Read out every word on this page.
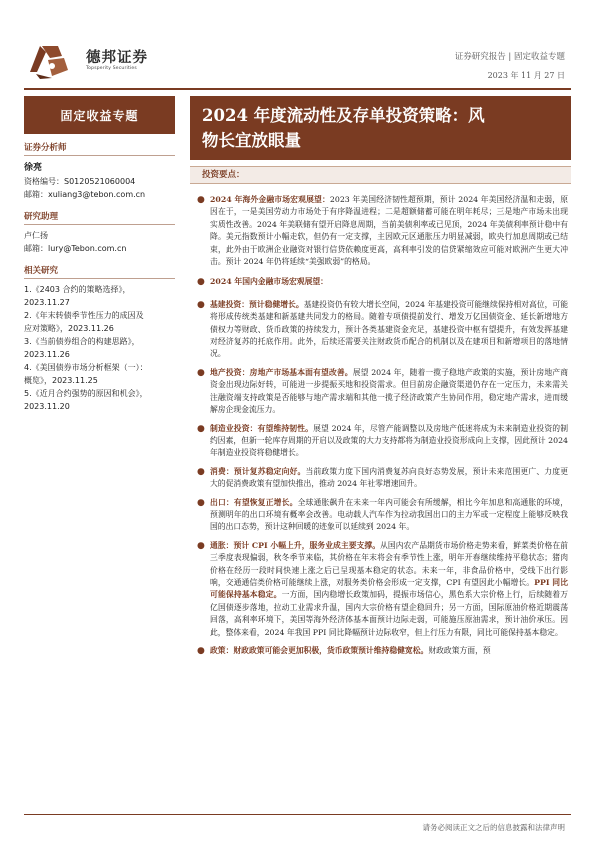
德邦证券
Topsperity Securities
证券研究报告 | 固定收益专题
2023 年 11 月 27 日
固定收益专题
证券分析师
徐亮
资格编号：S0120521060004
邮箱：xuliang3@tebon.com.cn
研究助理
卢仁扬
邮箱：lury@Tebon.com.cn
相关研究
1.《2403 合约的策略选择》，
2023.11.27
2.《年末转债季节性压力的成因及
应对策略》，2023.11.26
3.《当前债券组合的构建思路》，
2023.11.26
4.《美国债券市场分析框架（一）：
概览》，2023.11.25
5.《近月合约强势的原因和机会》，
2023.11.20
2024 年度流动性及存单投资策略：风
物长宜放眼量
投资要点：
● 2024 年海外金融市场宏观展望：2023 年美国经济韧性超预期，预计 2024 年美国经济温和走弱，原因在于，一是美国劳动力市场处于有序降温进程；二是超额储蓄可能在明年耗尽；三是地产市场未出现实质性改善。2024 年美联储有望开启降息周期，当前美债利率或已见顶，2024 年美债利率预计稳中有降。美元指数预计小幅走软，但仍有一定支撑，主因欧元区通胀压力明显减弱，欧央行加息周期或已结束，此外由于欧洲企业融资对银行信贷依赖度更高，高利率引发的信贷紧缩效应可能对欧洲产生更大冲击。预计 2024 年仍将延续“美强欧弱”的格局。
● 2024 年国内金融市场宏观展望：
● 基建投资：预计稳健增长。基建投资仍有较大增长空间，2024 年基建投资可能继续保持相对高位，可能将形成传统类基建和新基建共同发力的格局。随着专项债提前发行、增发万亿国债资金、延长新增地方债权力等财政、货币政策的持续发力，预计各类基建资金充足，基建投资中枢有望提升，有效发挥基建对经济复苏的托底作用。此外，后续还需要关注财政货币配合的机制以及在建项目和新增项目的落地情况。
● 地产投资：房地产市场基本面有望改善。展望 2024 年，随着一揽子稳地产政策的实施，预计房地产商资金出现边际好转，可能进一步提振买地和投资需求。但目前房企融资渠道仍存在一定压力，未来需关注融资端支持政策是否能够与地产需求端和其他一揽子经济政策产生协同作用，稳定地产需求，进而缓解房企现金流压力。
● 制造业投资：有望维持韧性。展望 2024 年，尽管产能调整以及房地产低迷将成为未来制造业投资的制约因素，但新一轮库存周期的开启以及政策的大力支持都将为制造业投资形成向上支撑，因此预计 2024 年制造业投资将稳健增长。
● 消费：预计复苏稳定向好。当前政策力度下国内消费复苏向良好态势发展，预计未来范围更广、力度更大的促消费政策有望加快推出，推动 2024 年社零增速回升。
● 出口：有望恢复正增长。全球通胀飙升在未来一年内可能会有所缓解，相比今年加息和高通胀的环境，预测明年的出口环境有概率会改善。电动载人汽车作为拉动我国出口的主力军或一定程度上能够反映我国的出口态势，预计这种回暖的迹象可以延续到 2024 年。
● 通胀：预计 CPI 小幅上升，服务业成主要支撑。从国内农产品期货市场价格走势来看，鲜菜类价格在前三季度表现偏弱，秋冬季节来临，其价格在年末将会有季节性上涨，明年开春继续维持平稳状态；猪肉价格在经历一段时间快速上涨之后已呈现基本稳定的状态。未来一年，非食品价格中，受线下出行影响，交通通信类价格可能继续上涨，对服务类价格会形成一定支撑，CPI 有望因此小幅增长。PPI 同比可能保持基本稳定。一方面，国内稳增长政策加码，提振市场信心，黑色系大宗价格上行，后续随着万亿国债逐步落地，拉动工业需求升温，国内大宗价格有望企稳回升；另一方面，国际原油价格近期震荡回落，高利率环境下，美国等海外经济体基本面预计边际走弱，可能施压原油需求，预计油价承压。因此，整体来看，2024 年我国 PPI 同比降幅预计边际收窄，但上行压力有限，同比可能保持基本稳定。
● 政策：财政政策可能会更加积极，货币政策预计维持稳健宽松。财政政策方面，预
请务必阅读正文之后的信息披露和法律声明
